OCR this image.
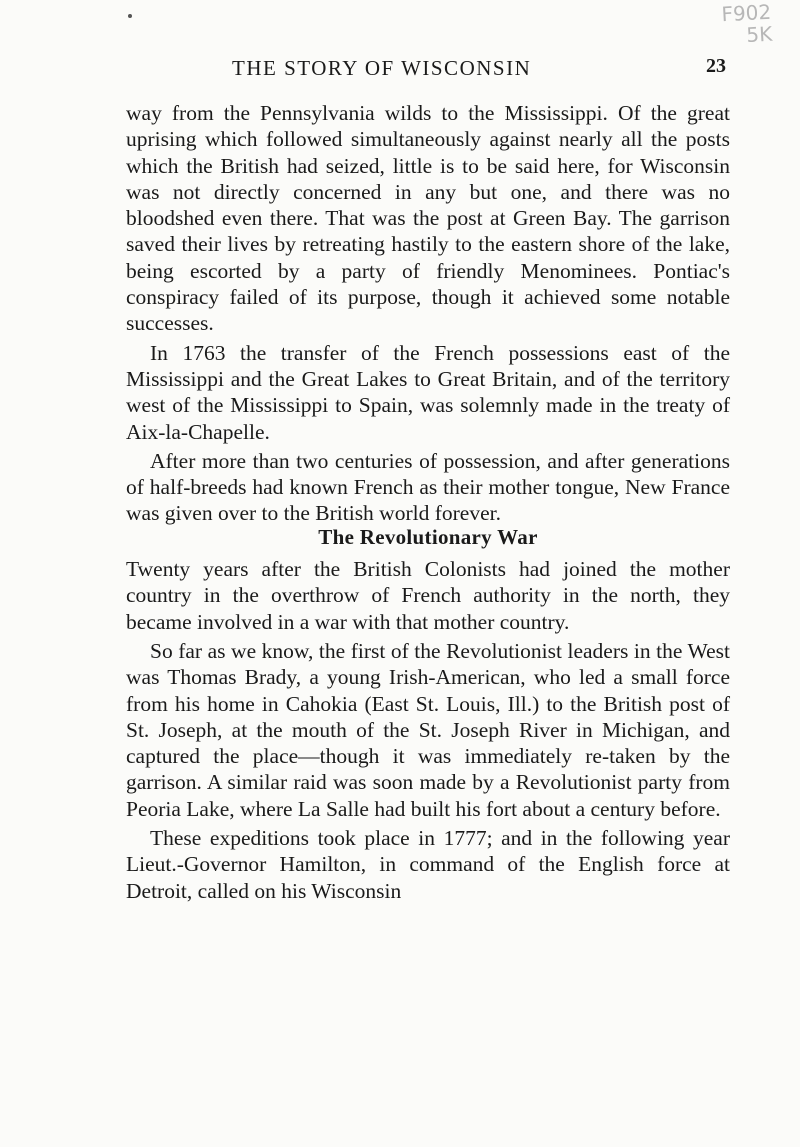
F902
5K
THE STORY OF WISCONSIN	23

way from the Pennsylvania wilds to the Mississippi. Of the great uprising which followed simultaneously against nearly all the posts which the British had seized, little is to be said here, for Wisconsin was not directly concerned in any but one, and there was no bloodshed even there. That was the post at Green Bay. The garrison saved their lives by retreating hastily to the eastern shore of the lake, being escorted by a party of friendly Menominees. Pontiac's conspiracy failed of its purpose, though it achieved some notable successes.

In 1763 the transfer of the French possessions east of the Mississippi and the Great Lakes to Great Britain, and of the territory west of the Mississippi to Spain, was solemnly made in the treaty of Aix-la-Chapelle.

After more than two centuries of possession, and after generations of half-breeds had known French as their mother tongue, New France was given over to the British world forever.

The Revolutionary War

Twenty years after the British Colonists had joined the mother country in the overthrow of French authority in the north, they became involved in a war with that mother country.

So far as we know, the first of the Revolutionist leaders in the West was Thomas Brady, a young Irish-American, who led a small force from his home in Cahokia (East St. Louis, Ill.) to the British post of St. Joseph, at the mouth of the St. Joseph River in Michigan, and captured the place—though it was immediately re-taken by the garrison. A similar raid was soon made by a Revolutionist party from Peoria Lake, where La Salle had built his fort about a century before.

These expeditions took place in 1777; and in the following year Lieut.-Governor Hamilton, in command of the English force at Detroit, called on his Wisconsin
